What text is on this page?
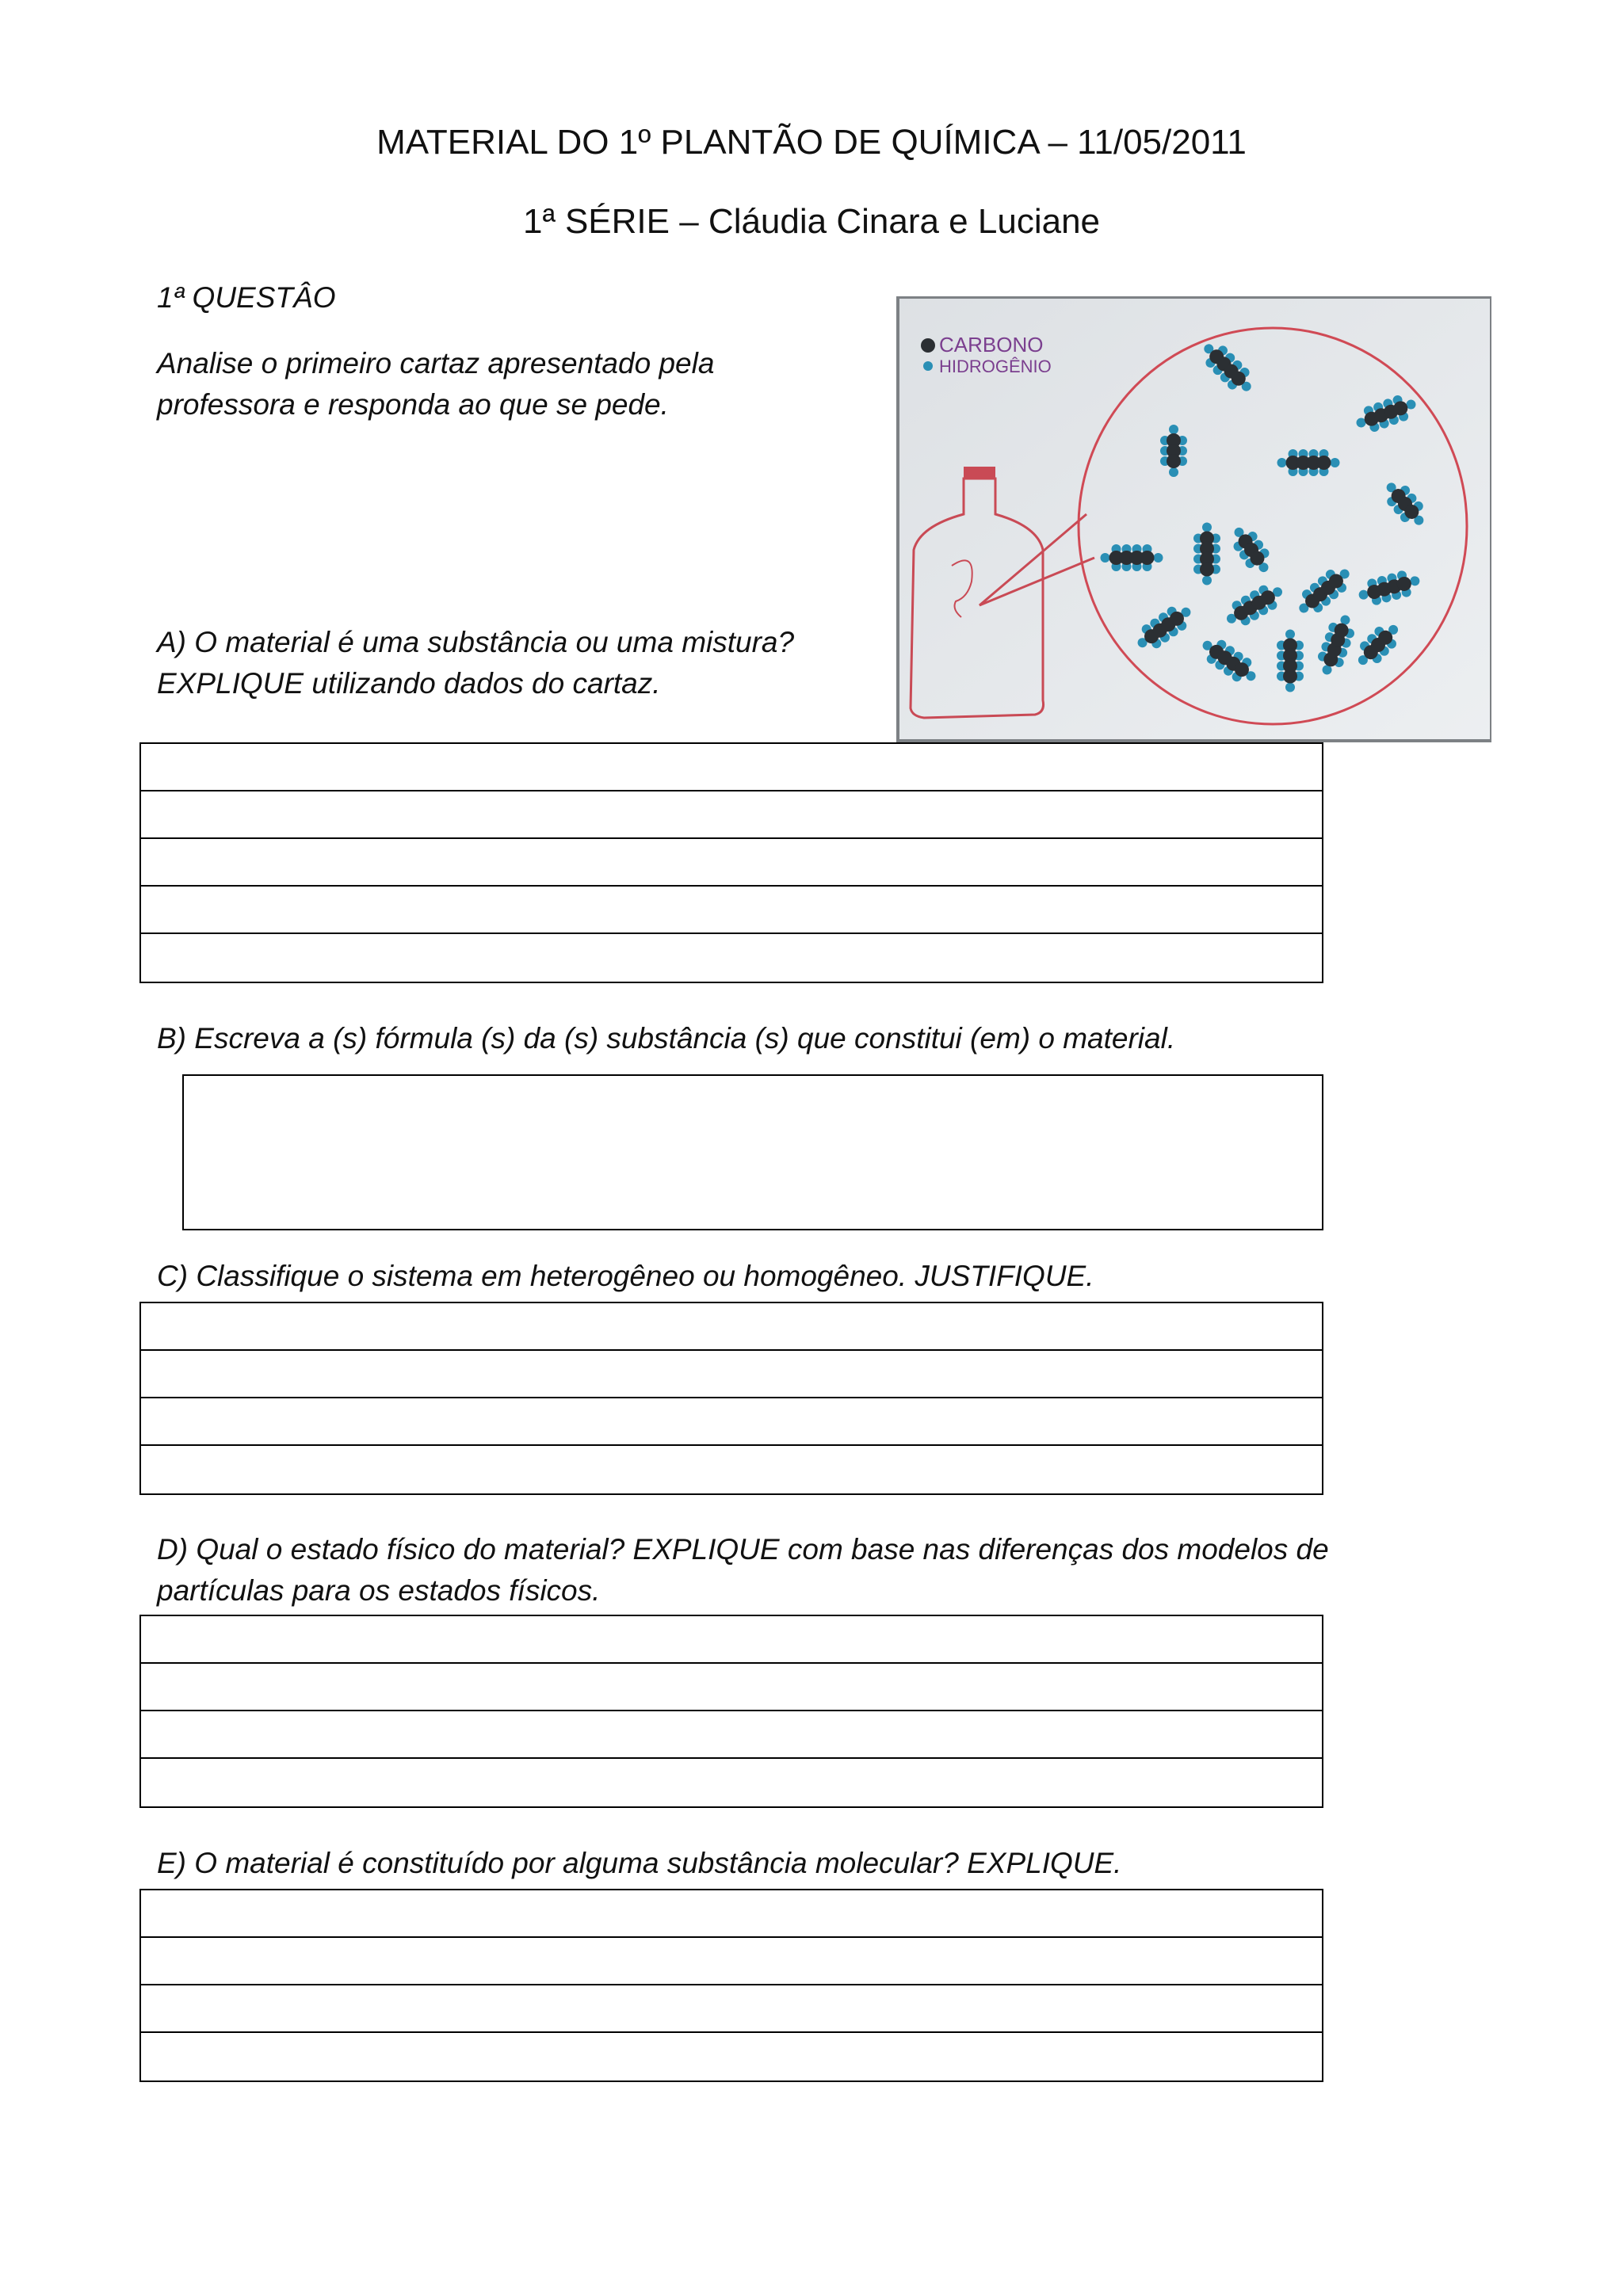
MATERIAL DO 1º PLANTÃO DE QUÍMICA – 11/05/2011
1ª SÉRIE – Cláudia Cinara e Luciane
1ª QUESTÂO
Analise o primeiro cartaz apresentado pela
professora e responda ao que se pede.
CARBONO
HIDROGÊNIO
A) O material é uma substância ou uma mistura?
EXPLIQUE utilizando dados do cartaz.
B) Escreva a (s) fórmula (s) da (s) substância (s) que constitui (em) o material.
C) Classifique o sistema em heterogêneo ou homogêneo. JUSTIFIQUE.
D) Qual o estado físico do material? EXPLIQUE com base nas diferenças dos modelos de
partículas para os estados físicos.
E) O material é constituído por alguma substância molecular? EXPLIQUE.
